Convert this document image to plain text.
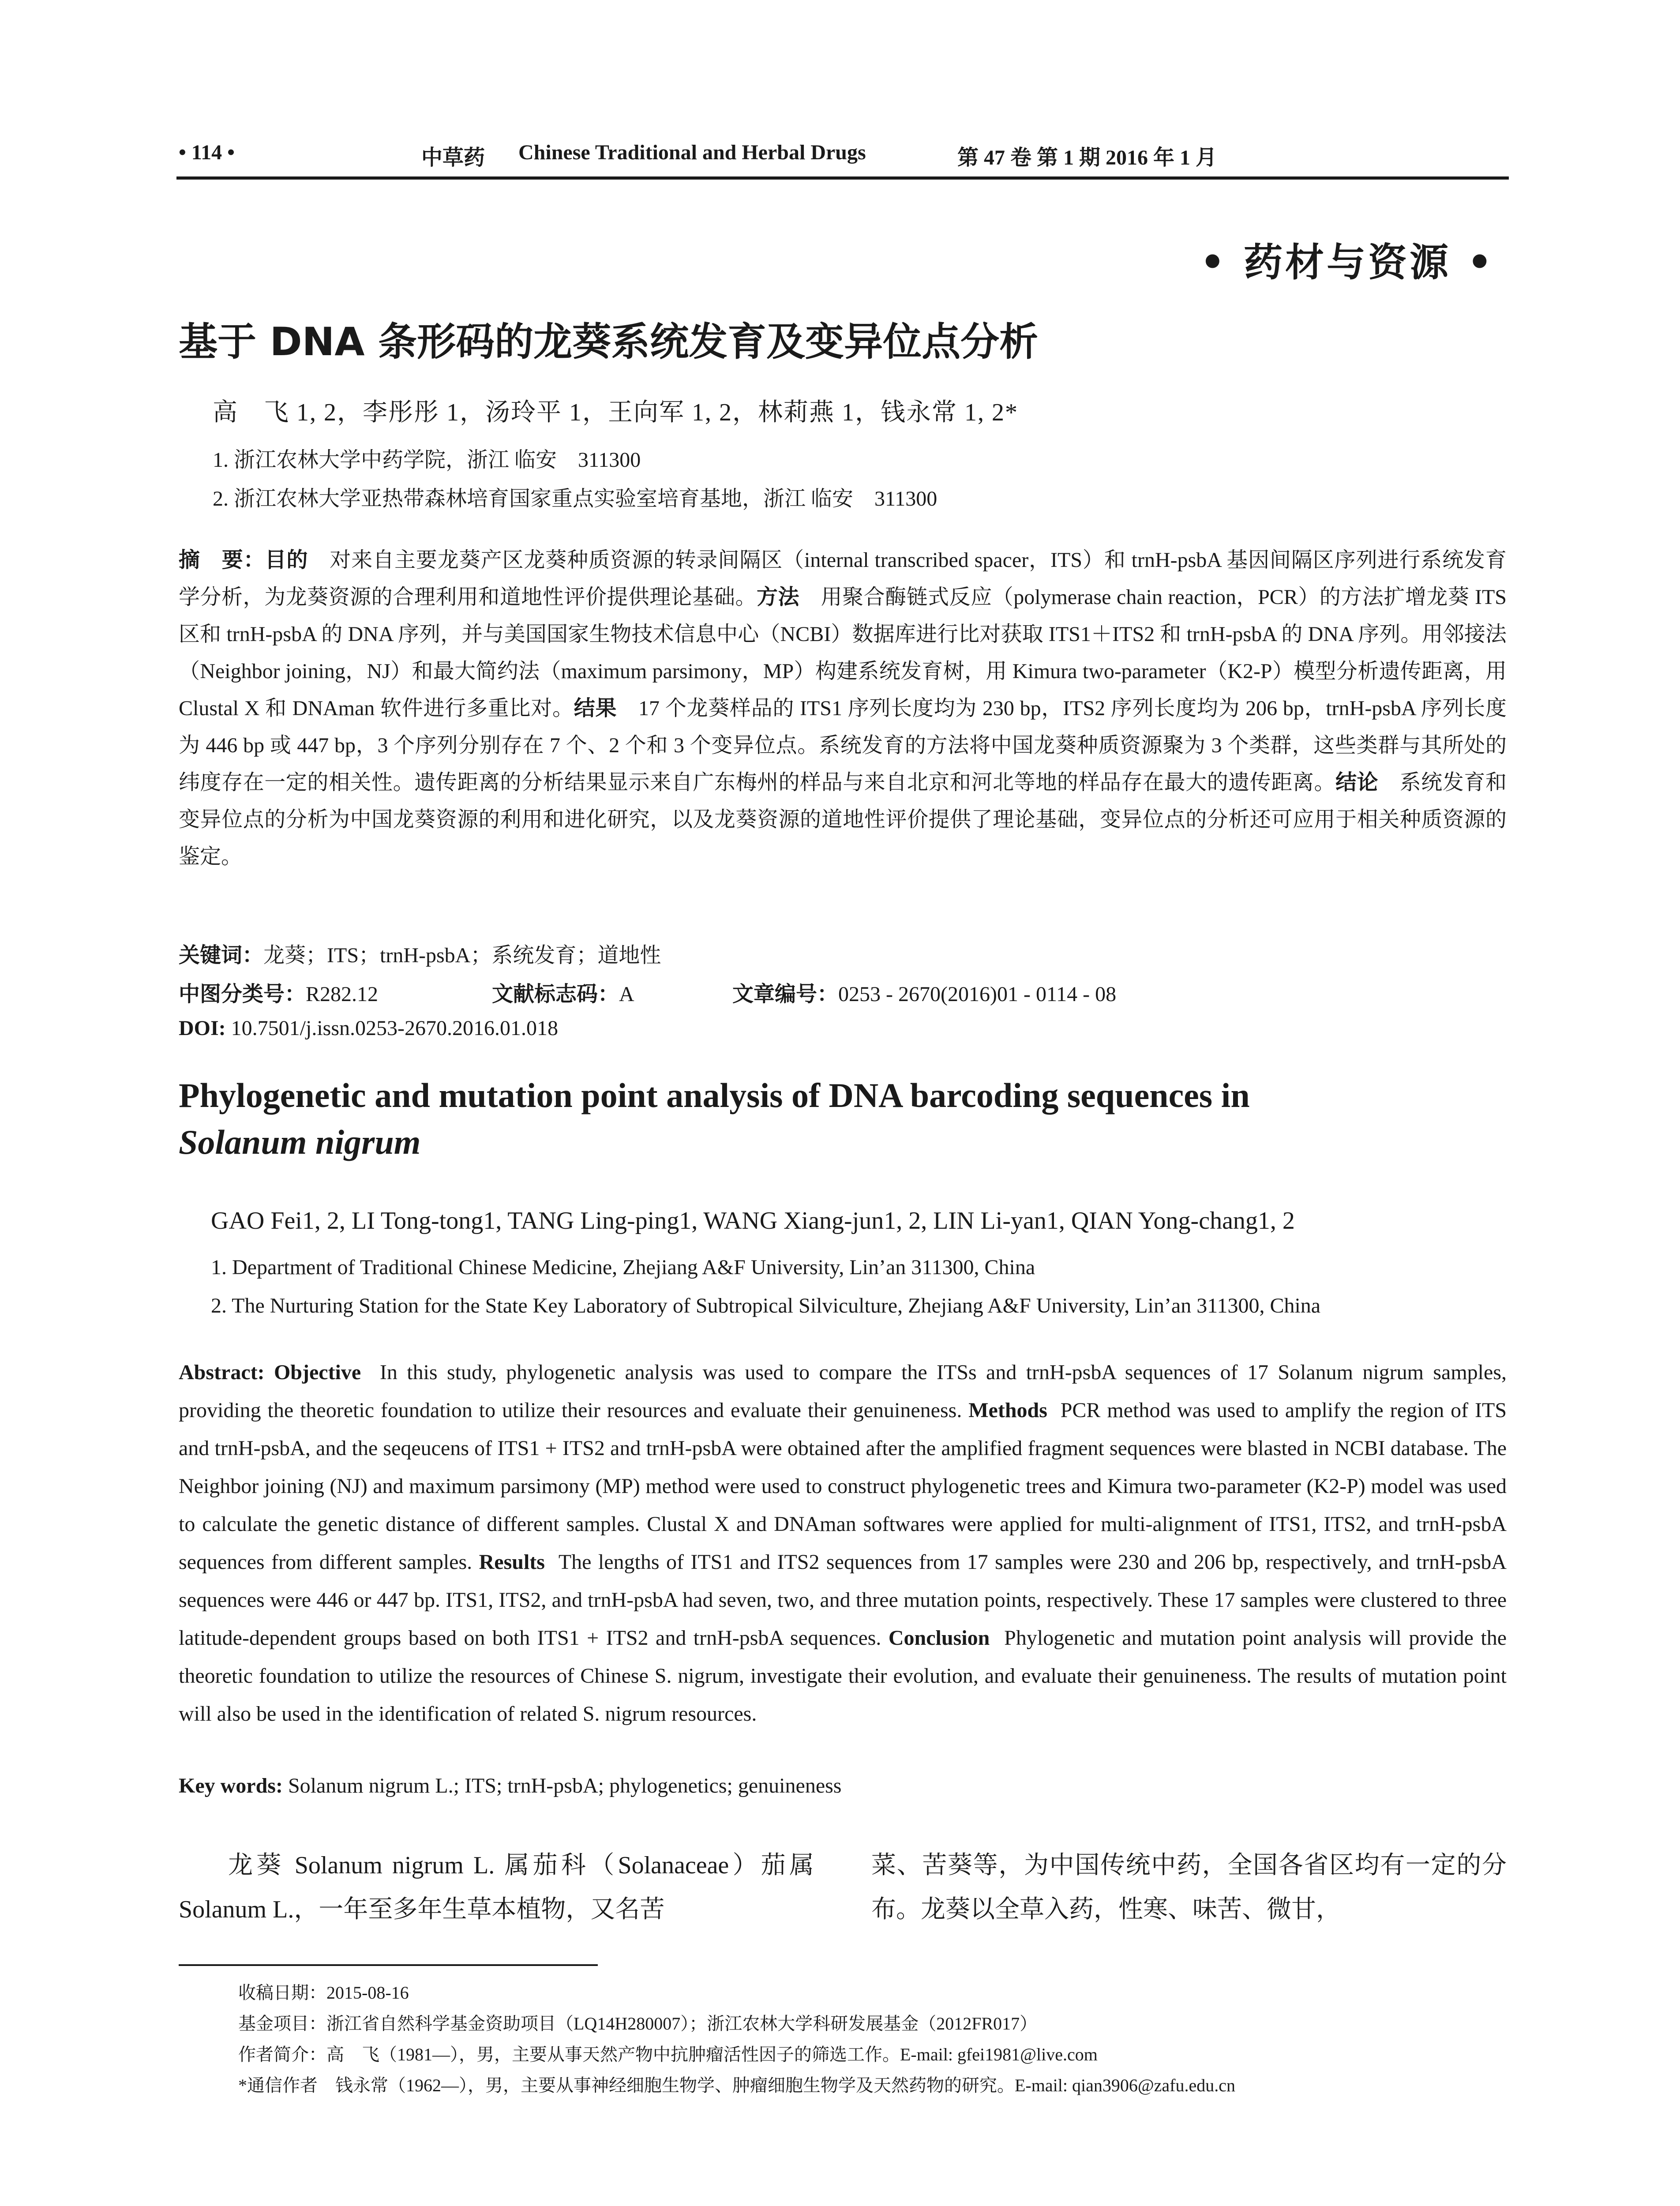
• 114 •	中草药 Chinese Traditional and Herbal Drugs	第 47 卷 第 1 期 2016 年 1 月
• 药材与资源 •
基于 DNA 条形码的龙葵系统发育及变异位点分析
高　飞 1, 2，李彤彤 1，汤玲平 1，王向军 1, 2，林莉燕 1，钱永常 1, 2*
1. 浙江农林大学中药学院，浙江 临安　311300
2. 浙江农林大学亚热带森林培育国家重点实验室培育基地，浙江 临安　311300
摘　要：目的　 对来自主要龙葵产区龙葵种质资源的转录间隔区（internal transcribed spacer，ITS）和 trnH-psbA 基因间隔区序列进行系统发育学分析，为龙葵资源的合理利用和道地性评价提供理论基础。方法　 用聚合酶链式反应（polymerase chain reaction，PCR）的方法扩增龙葵 ITS 区和 trnH-psbA 的 DNA 序列，并与美国国家生物技术信息中心（NCBI）数据库进行比对获取 ITS1＋ITS2 和 trnH-psbA 的 DNA 序列。用邻接法（Neighbor joining，NJ）和最大简约法（maximum parsimony，MP）构建系统发育树，用 Kimura two-parameter（K2-P）模型分析遗传距离，用 Clustal X 和 DNAman 软件进行多重比对。结果　 17 个龙葵样品的 ITS1 序列长度均为 230 bp，ITS2 序列长度均为 206 bp，trnH-psbA 序列长度为 446 bp 或 447 bp，3 个序列分别存在 7 个、2 个和 3 个变异位点。系统发育的方法将中国龙葵种质资源聚为 3 个类群，这些类群与其所处的纬度存在一定的相关性。遗传距离的分析结果显示来自广东梅州的样品与来自北京和河北等地的样品存在最大的遗传距离。结论　 系统发育和变异位点的分析为中国龙葵资源的利用和进化研究，以及龙葵资源的道地性评价提供了理论基础，变异位点的分析还可应用于相关种质资源的鉴定。
关键词：龙葵；ITS；trnH-psbA；系统发育；道地性
中图分类号：R282.12	文献标志码：A	文章编号：0253 - 2670(2016)01 - 0114 - 08
DOI: 10.7501/j.issn.0253-2670.2016.01.018
Phylogenetic and mutation point analysis of DNA barcoding sequences in
Solanum nigrum
GAO Fei1, 2, LI Tong-tong1, TANG Ling-ping1, WANG Xiang-jun1, 2, LIN Li-yan1, QIAN Yong-chang1, 2
1. Department of Traditional Chinese Medicine, Zhejiang A&F University, Lin’an 311300, China
2. The Nurturing Station for the State Key Laboratory of Subtropical Silviculture, Zhejiang A&F University, Lin’an 311300, China
Abstract: Objective In this study, phylogenetic analysis was used to compare the ITSs and trnH-psbA sequences of 17 Solanum nigrum samples, providing the theoretic foundation to utilize their resources and evaluate their genuineness. Methods PCR method was used to amplify the region of ITS and trnH-psbA, and the seqeucens of ITS1 + ITS2 and trnH-psbA were obtained after the amplified fragment sequences were blasted in NCBI database. The Neighbor joining (NJ) and maximum parsimony (MP) method were used to construct phylogenetic trees and Kimura two-parameter (K2-P) model was used to calculate the genetic distance of different samples. Clustal X and DNAman softwares were applied for multi-alignment of ITS1, ITS2, and trnH-psbA sequences from different samples. Results The lengths of ITS1 and ITS2 sequences from 17 samples were 230 and 206 bp, respectively, and trnH-psbA sequences were 446 or 447 bp. ITS1, ITS2, and trnH-psbA had seven, two, and three mutation points, respectively. These 17 samples were clustered to three latitude-dependent groups based on both ITS1 + ITS2 and trnH-psbA sequences. Conclusion Phylogenetic and mutation point analysis will provide the theoretic foundation to utilize the resources of Chinese S. nigrum, investigate their evolution, and evaluate their genuineness. The results of mutation point will also be used in the identification of related S. nigrum resources.
Key words: Solanum nigrum L.; ITS; trnH-psbA; phylogenetics; genuineness
龙葵 Solanum nigrum L. 属茄科（Solanaceae）茄属 Solanum L.，一年至多年生草本植物，又名苦
菜、苦葵等，为中国传统中药，全国各省区均有一定的分布。龙葵以全草入药，性寒、味苦、微甘，
收稿日期：2015-08-16
基金项目：浙江省自然科学基金资助项目（LQ14H280007）；浙江农林大学科研发展基金（2012FR017）
作者简介：高　飞（1981—），男，主要从事天然产物中抗肿瘤活性因子的筛选工作。E-mail: gfei1981@live.com
*通信作者　钱永常（1962—），男，主要从事神经细胞生物学、肿瘤细胞生物学及天然药物的研究。E-mail: qian3906@zafu.edu.cn
